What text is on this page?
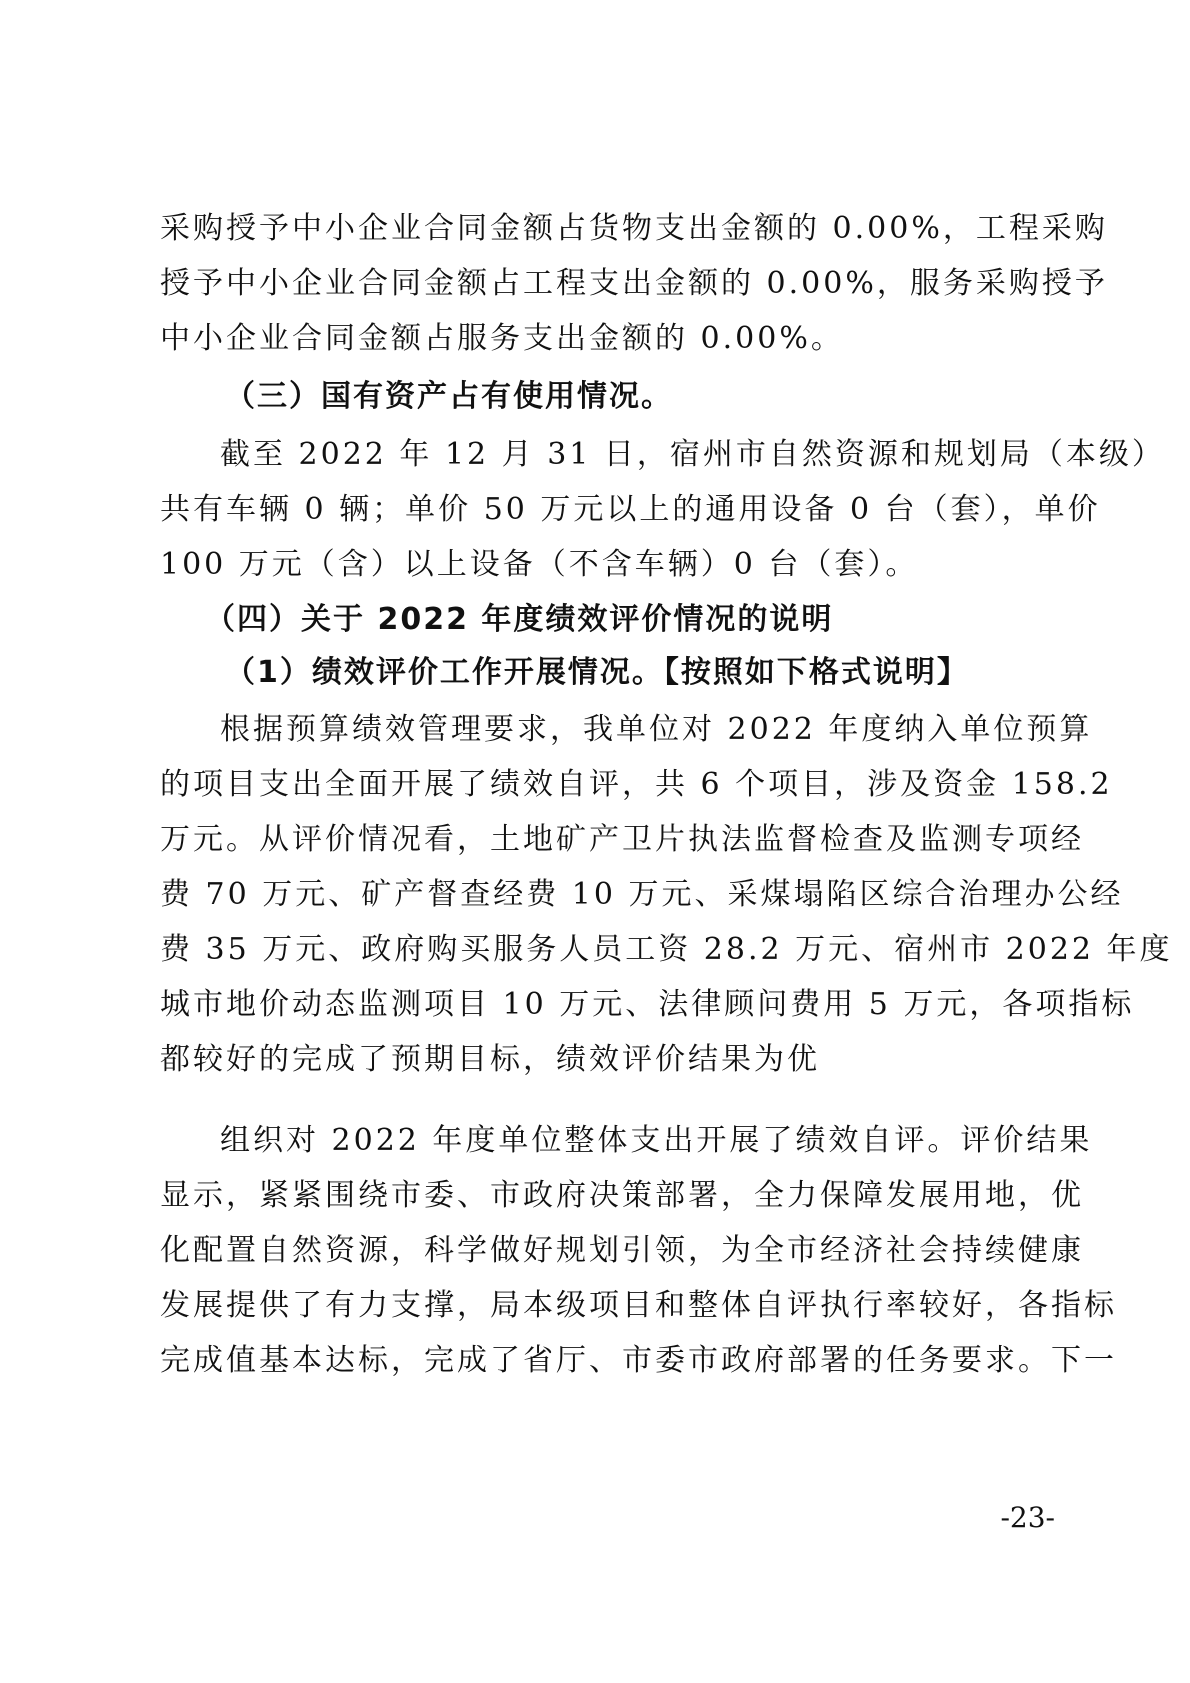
采购授予中小企业合同金额占货物支出金额的 0.00%，工程采购
授予中小企业合同金额占工程支出金额的 0.00%，服务采购授予
中小企业合同金额占服务支出金额的 0.00%。
（三）国有资产占有使用情况。
截至 2022 年 12 月 31 日，宿州市自然资源和规划局（本级）
共有车辆 0 辆；单价 50 万元以上的通用设备 0 台（套），单价
100 万元（含）以上设备（不含车辆）0 台（套）。
（四）关于 2022 年度绩效评价情况的说明
（1）绩效评价工作开展情况。【按照如下格式说明】
根据预算绩效管理要求，我单位对 2022 年度纳入单位预算
的项目支出全面开展了绩效自评，共 6 个项目，涉及资金 158.2
万元。从评价情况看，土地矿产卫片执法监督检查及监测专项经
费 70 万元、矿产督查经费 10 万元、采煤塌陷区综合治理办公经
费 35 万元、政府购买服务人员工资 28.2 万元、宿州市 2022 年度
城市地价动态监测项目 10 万元、法律顾问费用 5 万元，各项指标
都较好的完成了预期目标，绩效评价结果为优
组织对 2022 年度单位整体支出开展了绩效自评。评价结果
显示，紧紧围绕市委、市政府决策部署，全力保障发展用地，优
化配置自然资源，科学做好规划引领，为全市经济社会持续健康
发展提供了有力支撑，局本级项目和整体自评执行率较好，各指标
完成值基本达标，完成了省厅、市委市政府部署的任务要求。下一
-23-
